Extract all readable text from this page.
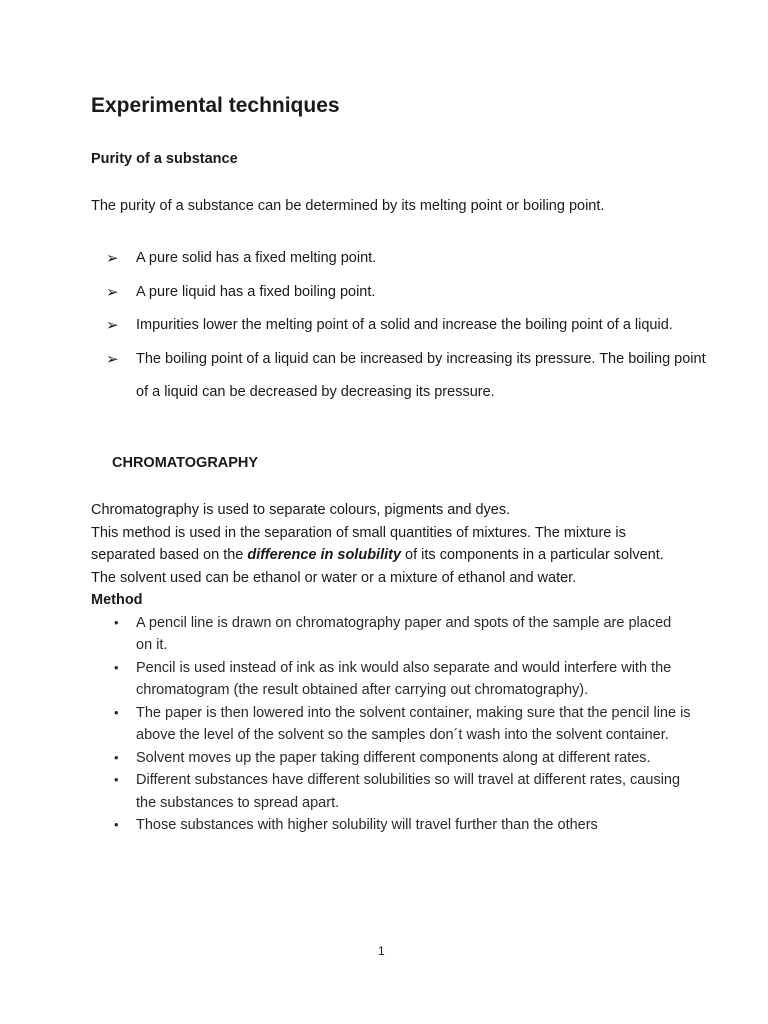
Experimental techniques
Purity of a substance

The purity of a substance can be determined by its melting point or boiling point.

➢ A pure solid has a fixed melting point.
➢ A pure liquid has a fixed boiling point.
➢ Impurities lower the melting point of a solid and increase the boiling point of a liquid.
➢ The boiling point of a liquid can be increased by increasing its pressure. The boiling point of a liquid can be decreased by decreasing its pressure.
CHROMATOGRAPHY

Chromatography is used to separate colours, pigments and dyes.

This method is used in the separation of small quantities of mixtures. The mixture is separated based on the difference in solubility of its components in a particular solvent.

The solvent used can be ethanol or water or a mixture of ethanol and water.

Method

• A pencil line is drawn on chromatography paper and spots of the sample are placed on it.
• Pencil is used instead of ink as ink would also separate and would interfere with the chromatogram (the result obtained after carrying out chromatography).
• The paper is then lowered into the solvent container, making sure that the pencil line is above the level of the solvent so the samples don´t wash into the solvent container.
• Solvent moves up the paper taking different components along at different rates.
• Different substances have different solubilities so will travel at different rates, causing the substances to spread apart.
• Those substances with higher solubility will travel further than the others

1
